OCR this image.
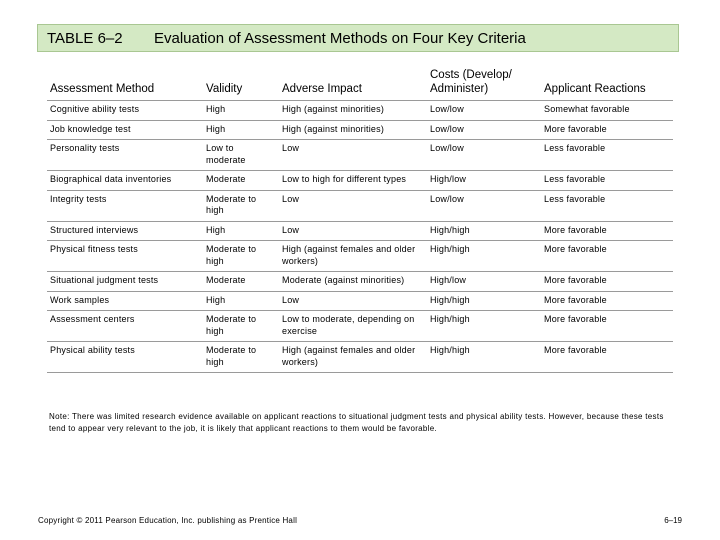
TABLE 6–2 Evaluation of Assessment Methods on Four Key Criteria
Assessment Method	Validity	Adverse Impact	Costs (Develop/ Administer)	Applicant Reactions
Cognitive ability tests	High	High (against minorities)	Low/low	Somewhat favorable
Job knowledge test	High	High (against minorities)	Low/low	More favorable
Personality tests	Low to moderate	Low	Low/low	Less favorable
Biographical data inventories	Moderate	Low to high for different types	High/low	Less favorable
Integrity tests	Moderate to high	Low	Low/low	Less favorable
Structured interviews	High	Low	High/high	More favorable
Physical fitness tests	Moderate to high	High (against females and older workers)	High/high	More favorable
Situational judgment tests	Moderate	Moderate (against minorities)	High/low	More favorable
Work samples	High	Low	High/high	More favorable
Assessment centers	Moderate to high	Low to moderate, depending on exercise	High/high	More favorable
Physical ability tests	Moderate to high	High (against females and older workers)	High/high	More favorable
Note: There was limited research evidence available on applicant reactions to situational judgment tests and physical ability tests. However, because these tests tend to appear very relevant to the job, it is likely that applicant reactions to them would be favorable.
Copyright © 2011 Pearson Education, Inc. publishing as Prentice Hall	6–19
